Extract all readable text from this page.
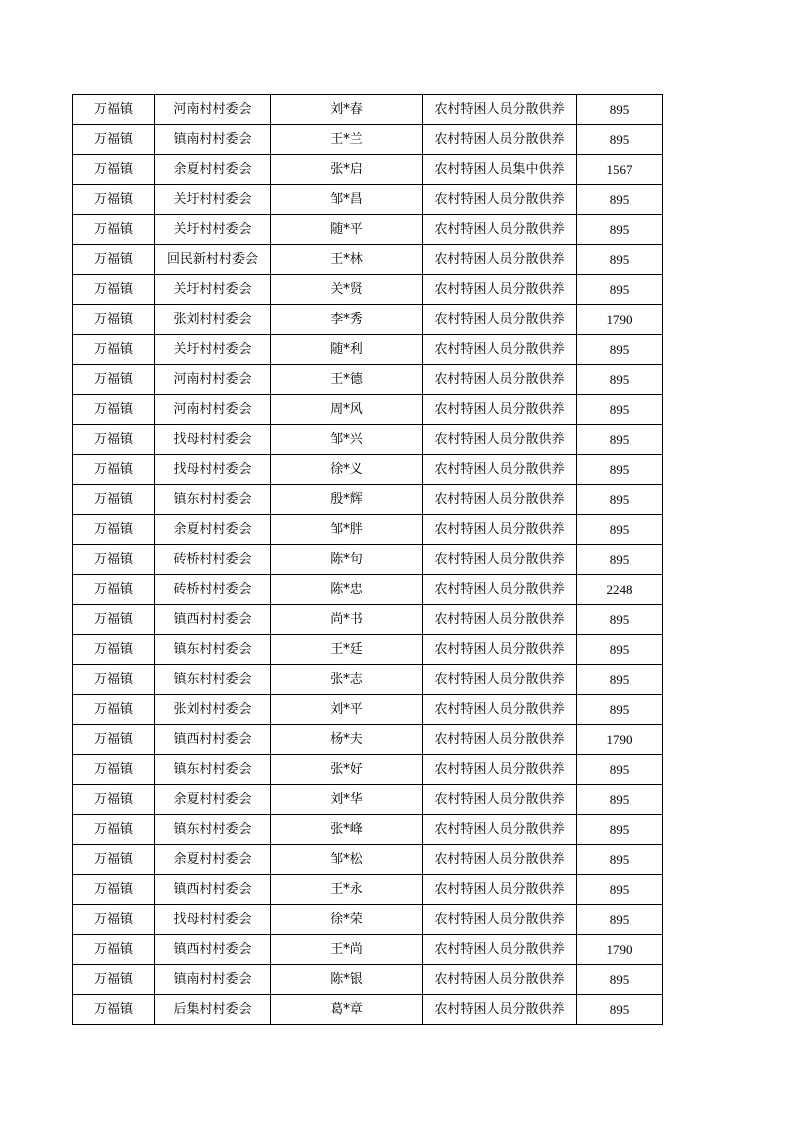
万福镇	河南村村委会	刘*春	农村特困人员分散供养	895
万福镇	镇南村村委会	王*兰	农村特困人员分散供养	895
万福镇	余夏村村委会	张*启	农村特困人员集中供养	1567
万福镇	关圩村村委会	邹*昌	农村特困人员分散供养	895
万福镇	关圩村村委会	随*平	农村特困人员分散供养	895
万福镇	回民新村村委会	王*林	农村特困人员分散供养	895
万福镇	关圩村村委会	关*贤	农村特困人员分散供养	895
万福镇	张刘村村委会	李*秀	农村特困人员分散供养	1790
万福镇	关圩村村委会	随*利	农村特困人员分散供养	895
万福镇	河南村村委会	王*德	农村特困人员分散供养	895
万福镇	河南村村委会	周*风	农村特困人员分散供养	895
万福镇	找母村村委会	邹*兴	农村特困人员分散供养	895
万福镇	找母村村委会	徐*义	农村特困人员分散供养	895
万福镇	镇东村村委会	殷*辉	农村特困人员分散供养	895
万福镇	余夏村村委会	邹*胖	农村特困人员分散供养	895
万福镇	砖桥村村委会	陈*句	农村特困人员分散供养	895
万福镇	砖桥村村委会	陈*忠	农村特困人员分散供养	2248
万福镇	镇西村村委会	尚*书	农村特困人员分散供养	895
万福镇	镇东村村委会	王*廷	农村特困人员分散供养	895
万福镇	镇东村村委会	张*志	农村特困人员分散供养	895
万福镇	张刘村村委会	刘*平	农村特困人员分散供养	895
万福镇	镇西村村委会	杨*夫	农村特困人员分散供养	1790
万福镇	镇东村村委会	张*好	农村特困人员分散供养	895
万福镇	余夏村村委会	刘*华	农村特困人员分散供养	895
万福镇	镇东村村委会	张*峰	农村特困人员分散供养	895
万福镇	余夏村村委会	邹*松	农村特困人员分散供养	895
万福镇	镇西村村委会	王*永	农村特困人员分散供养	895
万福镇	找母村村委会	徐*荣	农村特困人员分散供养	895
万福镇	镇西村村委会	王*尚	农村特困人员分散供养	1790
万福镇	镇南村村委会	陈*银	农村特困人员分散供养	895
万福镇	后集村村委会	葛*章	农村特困人员分散供养	895
